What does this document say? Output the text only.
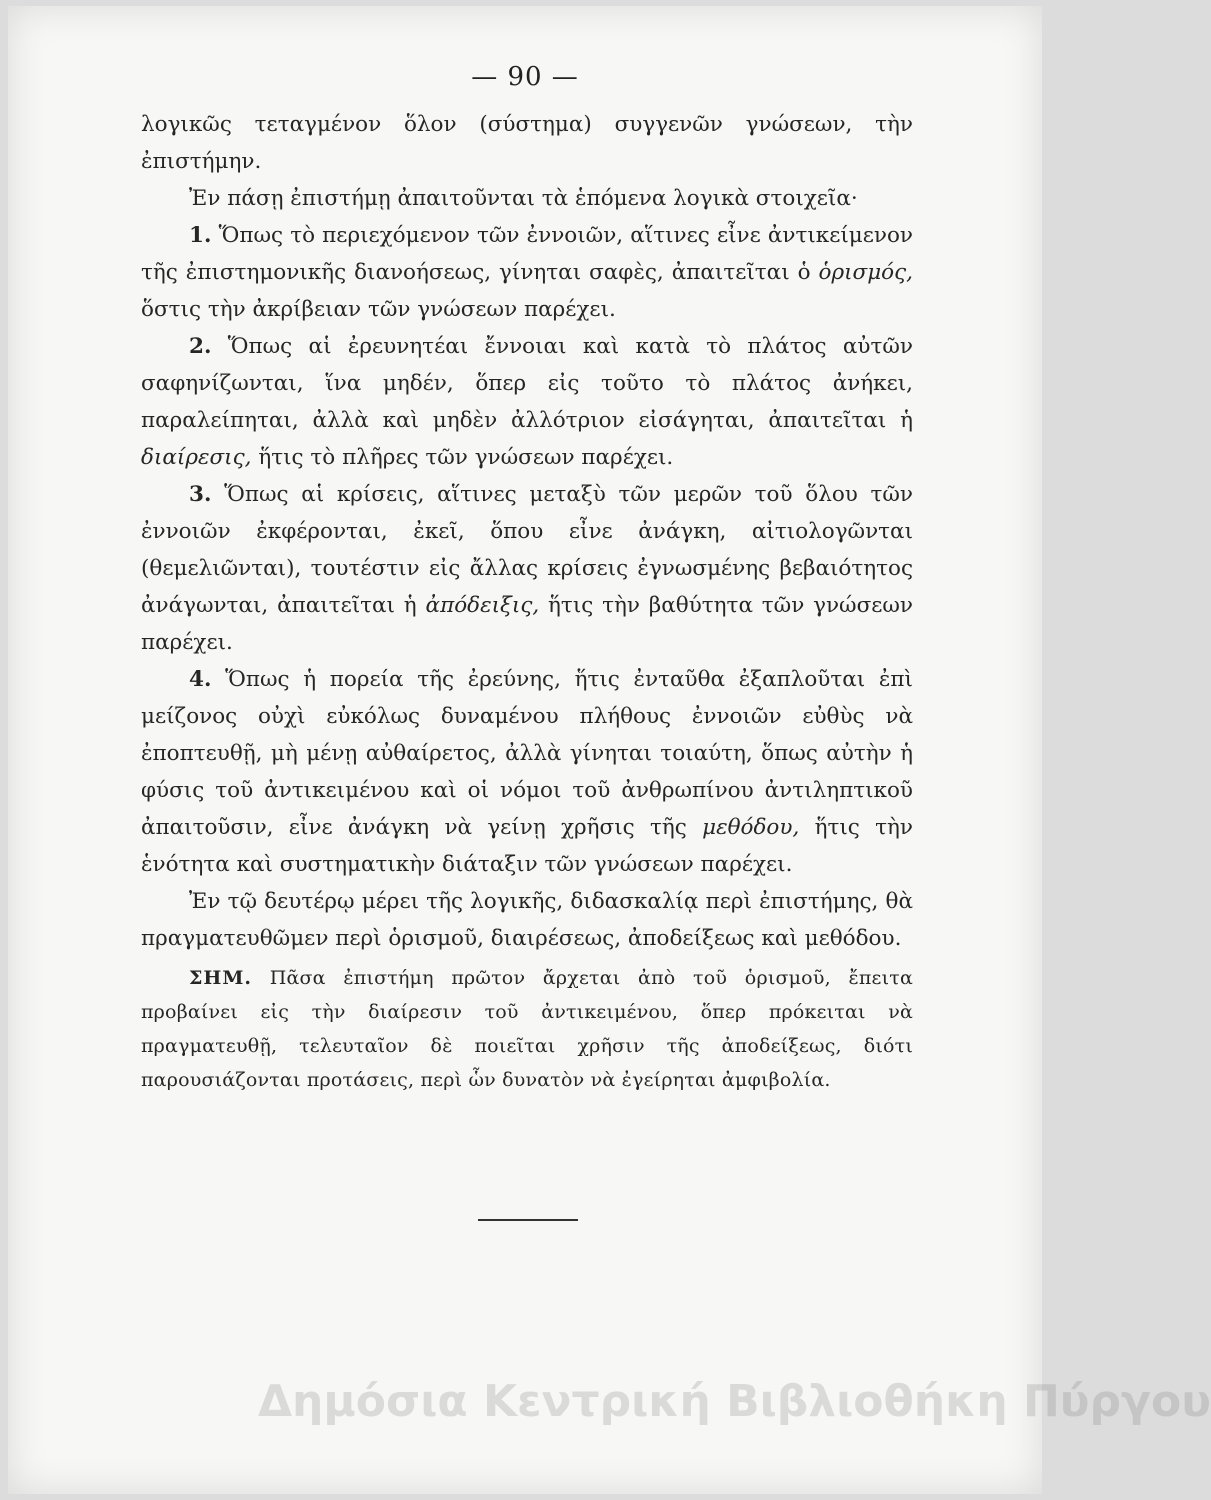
— 90 —

λογικῶς τεταγμένον ὅλον (σύστημα) συγγενῶν γνώσεων, τὴν ἐπιστήμην.

Ἐν πάσῃ ἐπιστήμῃ ἀπαιτοῦνται τὰ ἑπόμενα λογικὰ στοιχεῖα·

1. Ὅπως τὸ περιεχόμενον τῶν ἐννοιῶν, αἵτινες εἶνε ἀντικείμενον τῆς ἐπιστημονικῆς διανοήσεως, γίνηται σαφὲς, ἀπαιτεῖται ὁ ὁρισμός, ὅστις τὴν ἀκρίβειαν τῶν γνώσεων παρέχει.

2. Ὅπως αἱ ἐρευνητέαι ἔννοιαι καὶ κατὰ τὸ πλάτος αὐτῶν σαφηνίζωνται, ἵνα μηδέν, ὅπερ εἰς τοῦτο τὸ πλάτος ἀνήκει, παραλείπηται, ἀλλὰ καὶ μηδὲν ἀλλότριον εἰσάγηται, ἀπαιτεῖται ἡ διαίρεσις, ἥτις τὸ πλῆρες τῶν γνώσεων παρέχει.

3. Ὅπως αἱ κρίσεις, αἵτινες μεταξὺ τῶν μερῶν τοῦ ὅλου τῶν ἐννοιῶν ἐκφέρονται, ἐκεῖ, ὅπου εἶνε ἀνάγκη, αἰτιολογῶνται (θεμελιῶνται), τουτέστιν εἰς ἄλλας κρίσεις ἐγνωσμένης βεβαιότητος ἀνάγωνται, ἀπαιτεῖται ἡ ἀπόδειξις, ἥτις τὴν βαθύτητα τῶν γνώσεων παρέχει.

4. Ὅπως ἡ πορεία τῆς ἐρεύνης, ἥτις ἐνταῦθα ἐξαπλοῦται ἐπὶ μείζονος οὐχὶ εὐκόλως δυναμένου πλήθους ἐννοιῶν εὐθὺς νὰ ἐποπτευθῇ, μὴ μένῃ αὐθαίρετος, ἀλλὰ γίνηται τοιαύτη, ὅπως αὐτὴν ἡ φύσις τοῦ ἀντικειμένου καὶ οἱ νόμοι τοῦ ἀνθρωπίνου ἀντιληπτικοῦ ἀπαιτοῦσιν, εἶνε ἀνάγκη νὰ γείνῃ χρῆσις τῆς μεθόδου, ἥτις τὴν ἑνότητα καὶ συστηματικὴν διάταξιν τῶν γνώσεων παρέχει.

Ἐν τῷ δευτέρῳ μέρει τῆς λογικῆς, διδασκαλίᾳ περὶ ἐπιστήμης, θὰ πραγματευθῶμεν περὶ ὁρισμοῦ, διαιρέσεως, ἀποδείξεως καὶ μεθόδου.

ΣΗΜ. Πᾶσα ἐπιστήμη πρῶτον ἄρχεται ἀπὸ τοῦ ὁρισμοῦ, ἔπειτα προβαίνει εἰς τὴν διαίρεσιν τοῦ ἀντικειμένου, ὅπερ πρόκειται νὰ πραγματευθῇ, τελευταῖον δὲ ποιεῖται χρῆσιν τῆς ἀποδείξεως, διότι παρουσιάζονται προτάσεις, περὶ ὧν δυνατὸν νὰ ἐγείρηται ἀμφιβολία.

Δημόσια Κεντρική Βιβλιοθήκη Πύργου
